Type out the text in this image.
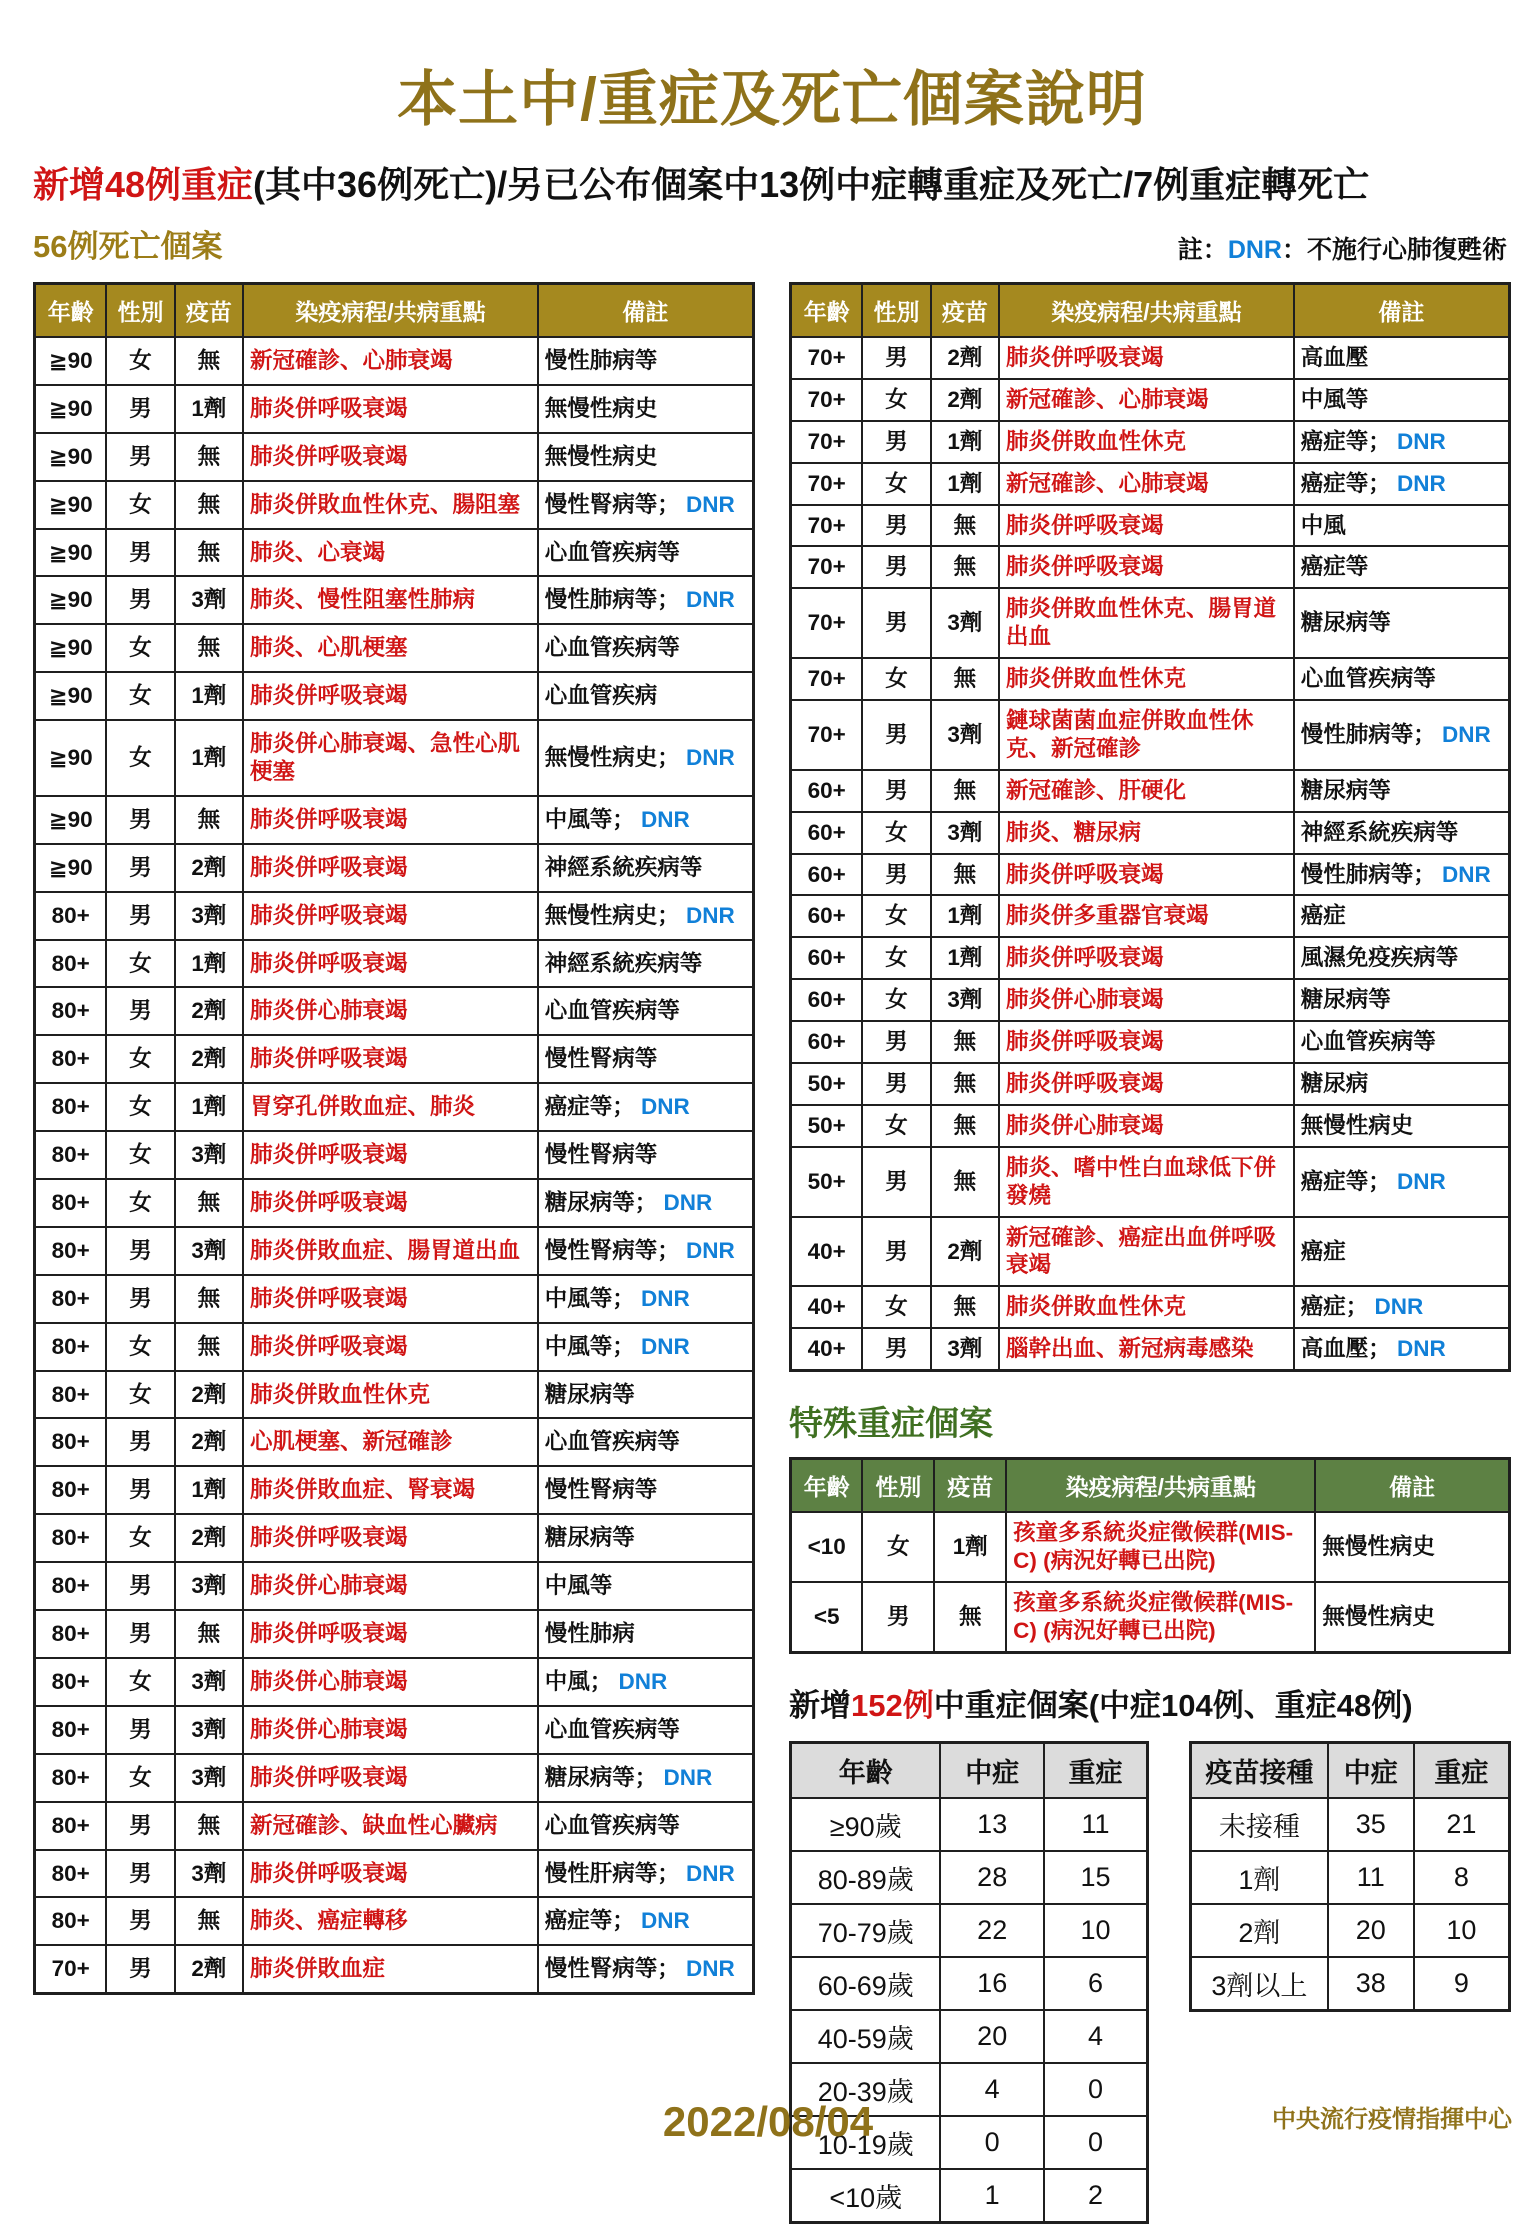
本土中/重症及死亡個案說明
新增48例重症(其中36例死亡)/另已公布個案中13例中症轉重症及死亡/7例重症轉死亡
56例死亡個案	註：DNR：不施行心肺復甦術
年齡	性別	疫苗	染疫病程/共病重點	備註
≧90	女	無	新冠確診、心肺衰竭	慢性肺病等
≧90	男	1劑	肺炎併呼吸衰竭	無慢性病史
≧90	男	無	肺炎併呼吸衰竭	無慢性病史
≧90	女	無	肺炎併敗血性休克、腸阻塞	慢性腎病等； DNR
≧90	男	無	肺炎、心衰竭	心血管疾病等
≧90	男	3劑	肺炎、慢性阻塞性肺病	慢性肺病等； DNR
≧90	女	無	肺炎、心肌梗塞	心血管疾病等
≧90	女	1劑	肺炎併呼吸衰竭	心血管疾病
≧90	女	1劑	肺炎併心肺衰竭、急性心肌梗塞	無慢性病史； DNR
≧90	男	無	肺炎併呼吸衰竭	中風等； DNR
≧90	男	2劑	肺炎併呼吸衰竭	神經系統疾病等
80+	男	3劑	肺炎併呼吸衰竭	無慢性病史； DNR
80+	女	1劑	肺炎併呼吸衰竭	神經系統疾病等
80+	男	2劑	肺炎併心肺衰竭	心血管疾病等
80+	女	2劑	肺炎併呼吸衰竭	慢性腎病等
80+	女	1劑	胃穿孔併敗血症、肺炎	癌症等； DNR
80+	女	3劑	肺炎併呼吸衰竭	慢性腎病等
80+	女	無	肺炎併呼吸衰竭	糖尿病等； DNR
80+	男	3劑	肺炎併敗血症、腸胃道出血	慢性腎病等； DNR
80+	男	無	肺炎併呼吸衰竭	中風等； DNR
80+	女	無	肺炎併呼吸衰竭	中風等； DNR
80+	女	2劑	肺炎併敗血性休克	糖尿病等
80+	男	2劑	心肌梗塞、新冠確診	心血管疾病等
80+	男	1劑	肺炎併敗血症、腎衰竭	慢性腎病等
80+	女	2劑	肺炎併呼吸衰竭	糖尿病等
80+	男	3劑	肺炎併心肺衰竭	中風等
80+	男	無	肺炎併呼吸衰竭	慢性肺病
80+	女	3劑	肺炎併心肺衰竭	中風； DNR
80+	男	3劑	肺炎併心肺衰竭	心血管疾病等
80+	女	3劑	肺炎併呼吸衰竭	糖尿病等； DNR
80+	男	無	新冠確診、缺血性心臟病	心血管疾病等
80+	男	3劑	肺炎併呼吸衰竭	慢性肝病等； DNR
80+	男	無	肺炎、癌症轉移	癌症等； DNR
70+	男	2劑	肺炎併敗血症	慢性腎病等； DNR
年齡	性別	疫苗	染疫病程/共病重點	備註
70+	男	2劑	肺炎併呼吸衰竭	高血壓
70+	女	2劑	新冠確診、心肺衰竭	中風等
70+	男	1劑	肺炎併敗血性休克	癌症等； DNR
70+	女	1劑	新冠確診、心肺衰竭	癌症等； DNR
70+	男	無	肺炎併呼吸衰竭	中風
70+	男	無	肺炎併呼吸衰竭	癌症等
70+	男	3劑	肺炎併敗血性休克、腸胃道出血	糖尿病等
70+	女	無	肺炎併敗血性休克	心血管疾病等
70+	男	3劑	鏈球菌菌血症併敗血性休克、新冠確診	慢性肺病等； DNR
60+	男	無	新冠確診、肝硬化	糖尿病等
60+	女	3劑	肺炎、糖尿病	神經系統疾病等
60+	男	無	肺炎併呼吸衰竭	慢性肺病等； DNR
60+	女	1劑	肺炎併多重器官衰竭	癌症
60+	女	1劑	肺炎併呼吸衰竭	風濕免疫疾病等
60+	女	3劑	肺炎併心肺衰竭	糖尿病等
60+	男	無	肺炎併呼吸衰竭	心血管疾病等
50+	男	無	肺炎併呼吸衰竭	糖尿病
50+	女	無	肺炎併心肺衰竭	無慢性病史
50+	男	無	肺炎、嗜中性白血球低下併發燒	癌症等； DNR
40+	男	2劑	新冠確診、癌症出血併呼吸衰竭	癌症
40+	女	無	肺炎併敗血性休克	癌症； DNR
40+	男	3劑	腦幹出血、新冠病毒感染	高血壓； DNR
特殊重症個案
年齡	性別	疫苗	染疫病程/共病重點	備註
<10	女	1劑	孩童多系統炎症徵候群(MIS-C) (病況好轉已出院)	無慢性病史
<5	男	無	孩童多系統炎症徵候群(MIS-C) (病況好轉已出院)	無慢性病史
新增152例中重症個案(中症104例、重症48例)
年齡	中症	重症
≥90歲	13	11
80-89歲	28	15
70-79歲	22	10
60-69歲	16	6
40-59歲	20	4
20-39歲	4	0
10-19歲	0	0
<10歲	1	2
疫苗接種	中症	重症
未接種	35	21
1劑	11	8
2劑	20	10
3劑以上	38	9
2022/08/04	中央流行疫情指揮中心
